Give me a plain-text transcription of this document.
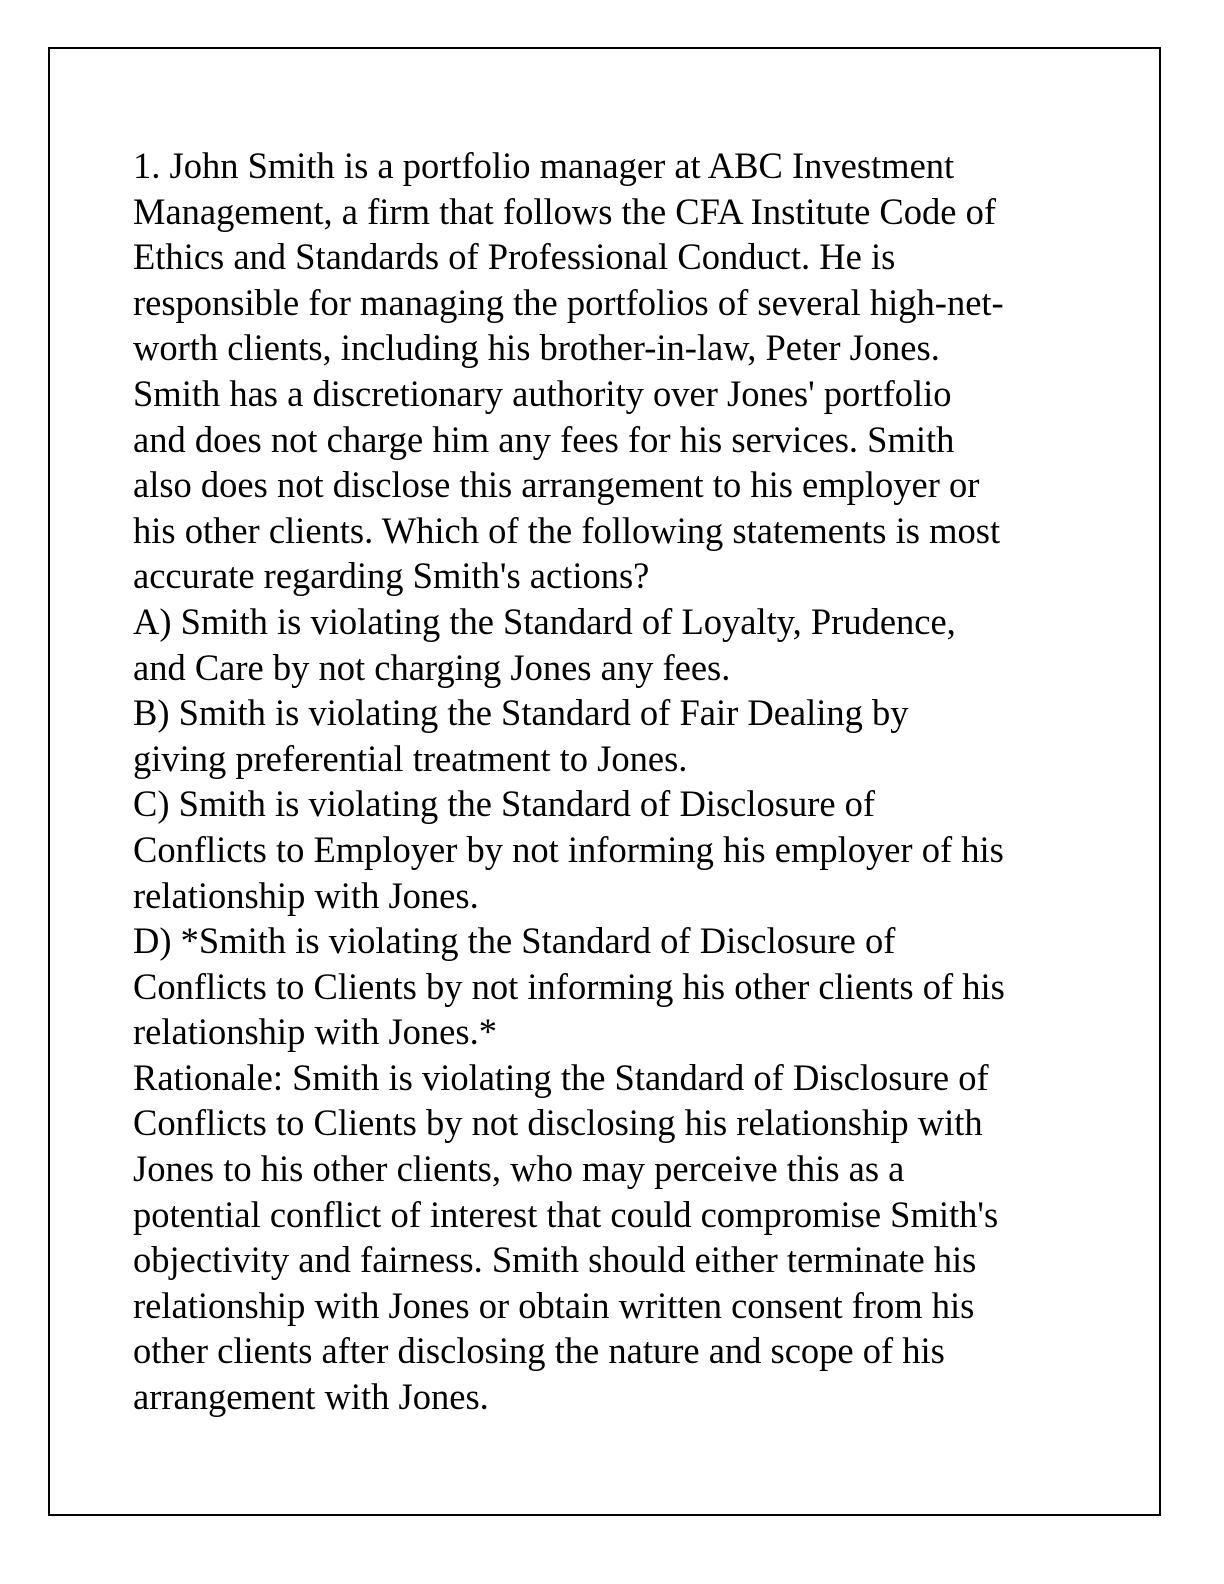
1. John Smith is a portfolio manager at ABC Investment
Management, a firm that follows the CFA Institute Code of
Ethics and Standards of Professional Conduct. He is
responsible for managing the portfolios of several high-net-
worth clients, including his brother-in-law, Peter Jones.
Smith has a discretionary authority over Jones' portfolio
and does not charge him any fees for his services. Smith
also does not disclose this arrangement to his employer or
his other clients. Which of the following statements is most
accurate regarding Smith's actions?
A) Smith is violating the Standard of Loyalty, Prudence,
and Care by not charging Jones any fees.
B) Smith is violating the Standard of Fair Dealing by
giving preferential treatment to Jones.
C) Smith is violating the Standard of Disclosure of
Conflicts to Employer by not informing his employer of his
relationship with Jones.
D) *Smith is violating the Standard of Disclosure of
Conflicts to Clients by not informing his other clients of his
relationship with Jones.*
Rationale: Smith is violating the Standard of Disclosure of
Conflicts to Clients by not disclosing his relationship with
Jones to his other clients, who may perceive this as a
potential conflict of interest that could compromise Smith's
objectivity and fairness. Smith should either terminate his
relationship with Jones or obtain written consent from his
other clients after disclosing the nature and scope of his
arrangement with Jones.
